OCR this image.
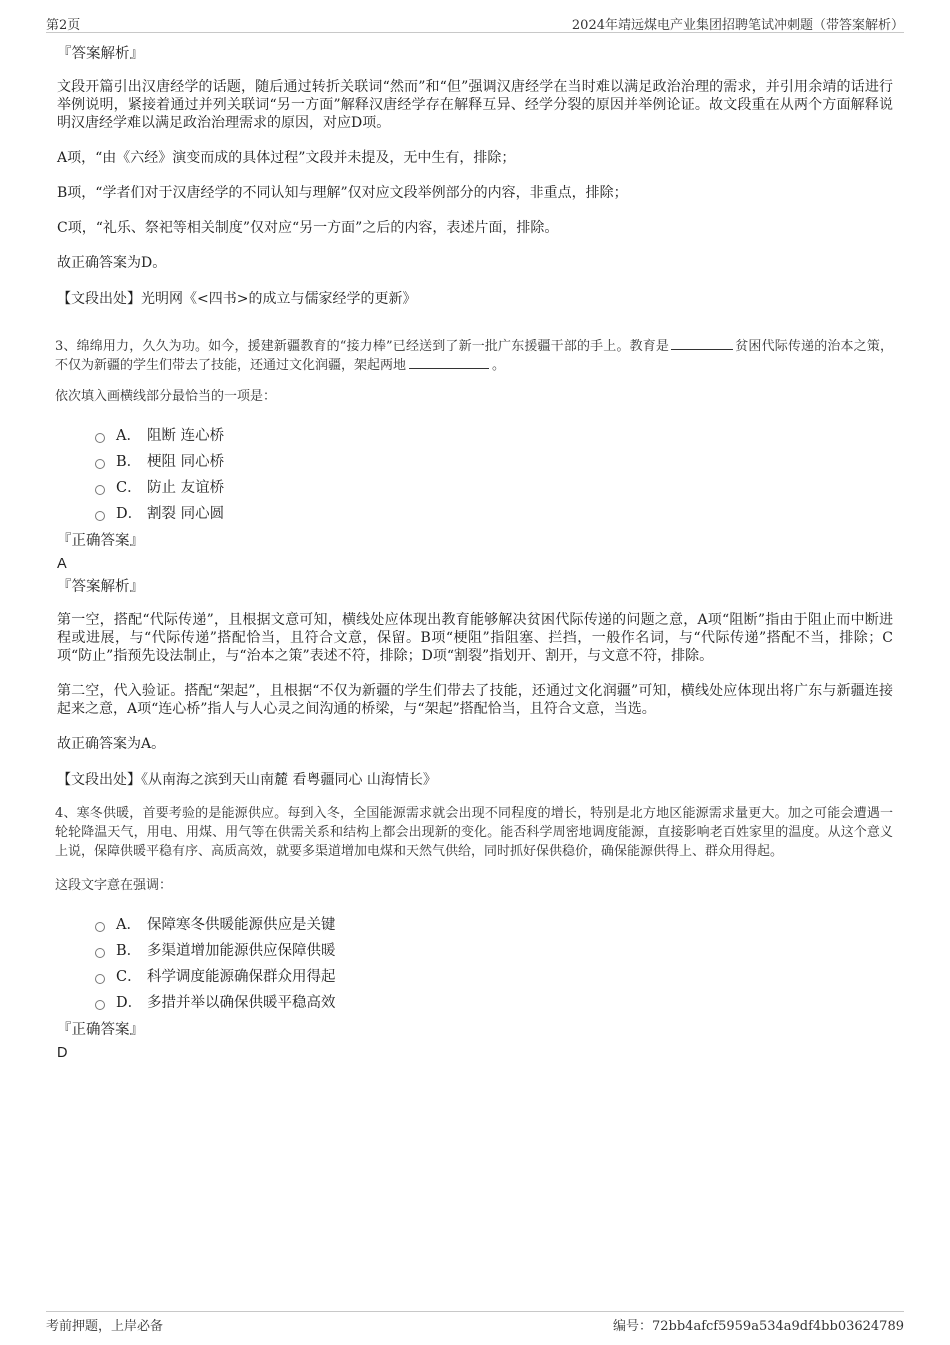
第2页	2024年靖远煤电产业集团招聘笔试冲刺题（带答案解析）
『答案解析』

文段开篇引出汉唐经学的话题，随后通过转折关联词“然而”和“但”强调汉唐经学在当时难以满足政治治理的需求，并引用余靖的话进行举例说明，紧接着通过并列关联词“另一方面”解释汉唐经学存在解释互异、经学分裂的原因并举例论证。故文段重在从两个方面解释说明汉唐经学难以满足政治治理需求的原因，对应D项。

A项，“由《六经》演变而成的具体过程”文段并未提及，无中生有，排除；

B项，“学者们对于汉唐经学的不同认知与理解”仅对应文段举例部分的内容，非重点，排除；

C项，“礼乐、祭祀等相关制度”仅对应“另一方面”之后的内容，表述片面，排除。

故正确答案为D。

【文段出处】光明网《<四书>的成立与儒家经学的更新》

3、绵绵用力，久久为功。如今，援建新疆教育的“接力棒”已经送到了新一批广东援疆干部的手上。教育是	贫困代际传递的治本之策，不仅为新疆的学生们带去了技能，还通过文化润疆，架起两地	。

依次填入画横线部分最恰当的一项是：
A． 阻断 连心桥
B． 梗阻 同心桥
C． 防止 友谊桥
D． 割裂 同心圆
『正确答案』
A
『答案解析』

第一空，搭配“代际传递”，且根据文意可知，横线处应体现出教育能够解决贫困代际传递的问题之意，A项“阻断”指由于阻止而中断进程或进展，与“代际传递”搭配恰当，且符合文意，保留。B项“梗阻”指阻塞、拦挡，一般作名词，与“代际传递”搭配不当，排除；C项“防止”指预先设法制止，与“治本之策”表述不符，排除；D项“割裂”指划开、割开，与文意不符，排除。

第二空，代入验证。搭配“架起”，且根据“不仅为新疆的学生们带去了技能，还通过文化润疆”可知，横线处应体现出将广东与新疆连接起来之意，A项“连心桥”指人与人心灵之间沟通的桥梁，与“架起”搭配恰当，且符合文意，当选。

故正确答案为A。

【文段出处】《从南海之滨到天山南麓 看粤疆同心 山海情长》

4、寒冬供暖，首要考验的是能源供应。每到入冬，全国能源需求就会出现不同程度的增长，特别是北方地区能源需求量更大。加之可能会遭遇一轮轮降温天气，用电、用煤、用气等在供需关系和结构上都会出现新的变化。能否科学周密地调度能源，直接影响老百姓家里的温度。从这个意义上说，保障供暖平稳有序、高质高效，就要多渠道增加电煤和天然气供给，同时抓好保供稳价，确保能源供得上、群众用得起。

这段文字意在强调：
A． 保障寒冬供暖能源供应是关键
B． 多渠道增加能源供应保障供暖
C． 科学调度能源确保群众用得起
D． 多措并举以确保供暖平稳高效
『正确答案』
D
考前押题，上岸必备	编号：72bb4afcf5959a534a9df4bb03624789
